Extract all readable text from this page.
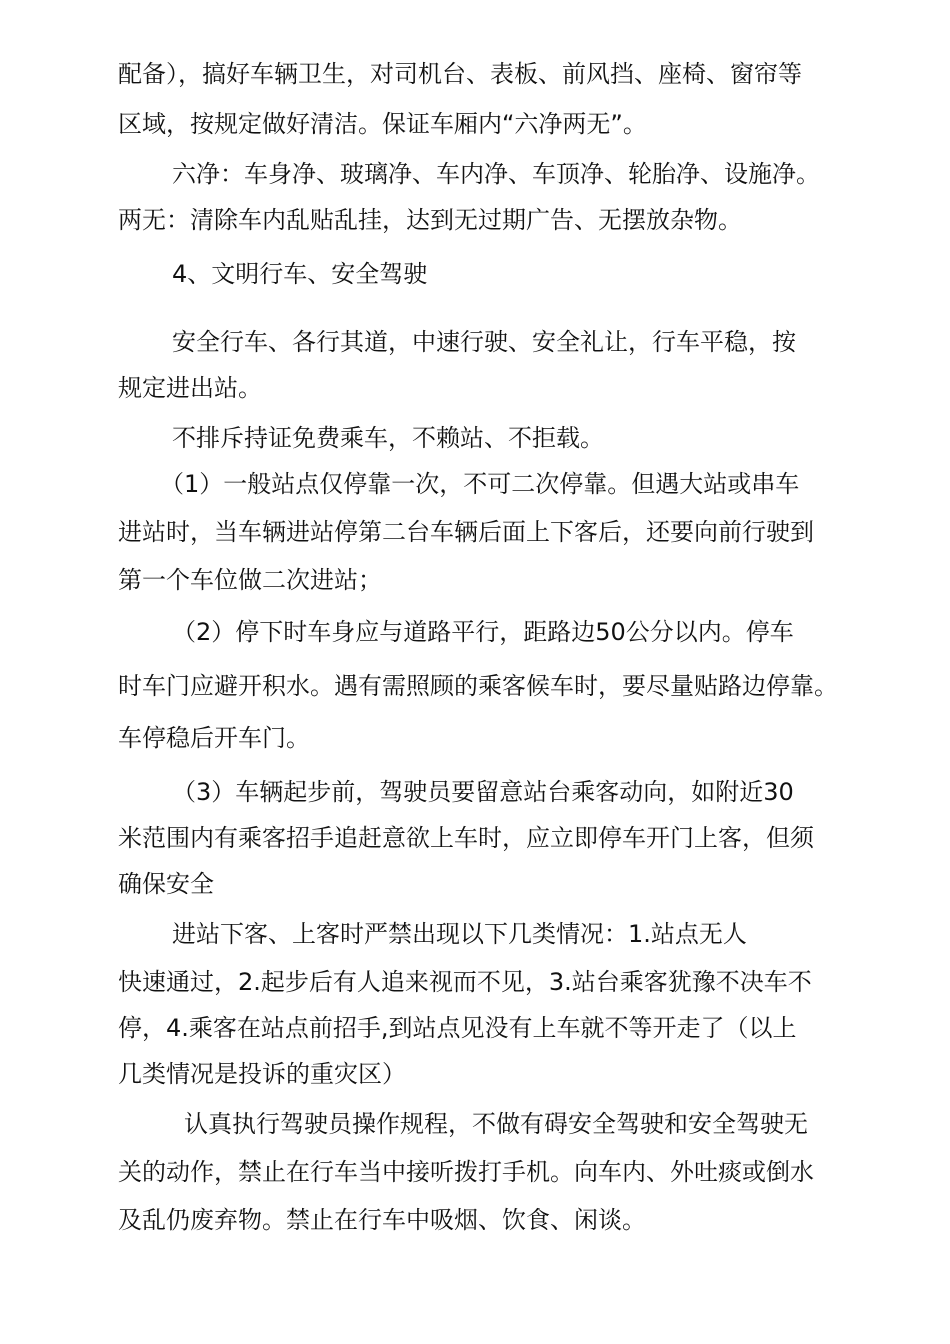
配备），搞好车辆卫生，对司机台、表板、前风挡、座椅、窗帘等
区域，按规定做好清洁。保证车厢内“六净两无”。
六净：车身净、玻璃净、车内净、车顶净、轮胎净、设施净。
两无：清除车内乱贴乱挂，达到无过期广告、无摆放杂物。
4、文明行车、安全驾驶
安全行车、各行其道，中速行驶、安全礼让，行车平稳，按
规定进出站。
不排斥持证免费乘车，不赖站、不拒载。
（1）一般站点仅停靠一次，不可二次停靠。但遇大站或串车
进站时，当车辆进站停第二台车辆后面上下客后，还要向前行驶到
第一个车位做二次进站；
（2）停下时车身应与道路平行，距路边50公分以内。停车
时车门应避开积水。遇有需照顾的乘客候车时，要尽量贴路边停靠。
车停稳后开车门。
（3）车辆起步前，驾驶员要留意站台乘客动向，如附近30
米范围内有乘客招手追赶意欲上车时，应立即停车开门上客，但须
确保安全
进站下客、上客时严禁出现以下几类情况：1.站点无人
快速通过，2.起步后有人追来视而不见，3.站台乘客犹豫不决车不
停，4.乘客在站点前招手,到站点见没有上车就不等开走了（以上
几类情况是投诉的重灾区）
认真执行驾驶员操作规程，不做有碍安全驾驶和安全驾驶无
关的动作，禁止在行车当中接听拨打手机。向车内、外吐痰或倒水
及乱仍废弃物。禁止在行车中吸烟、饮食、闲谈。
